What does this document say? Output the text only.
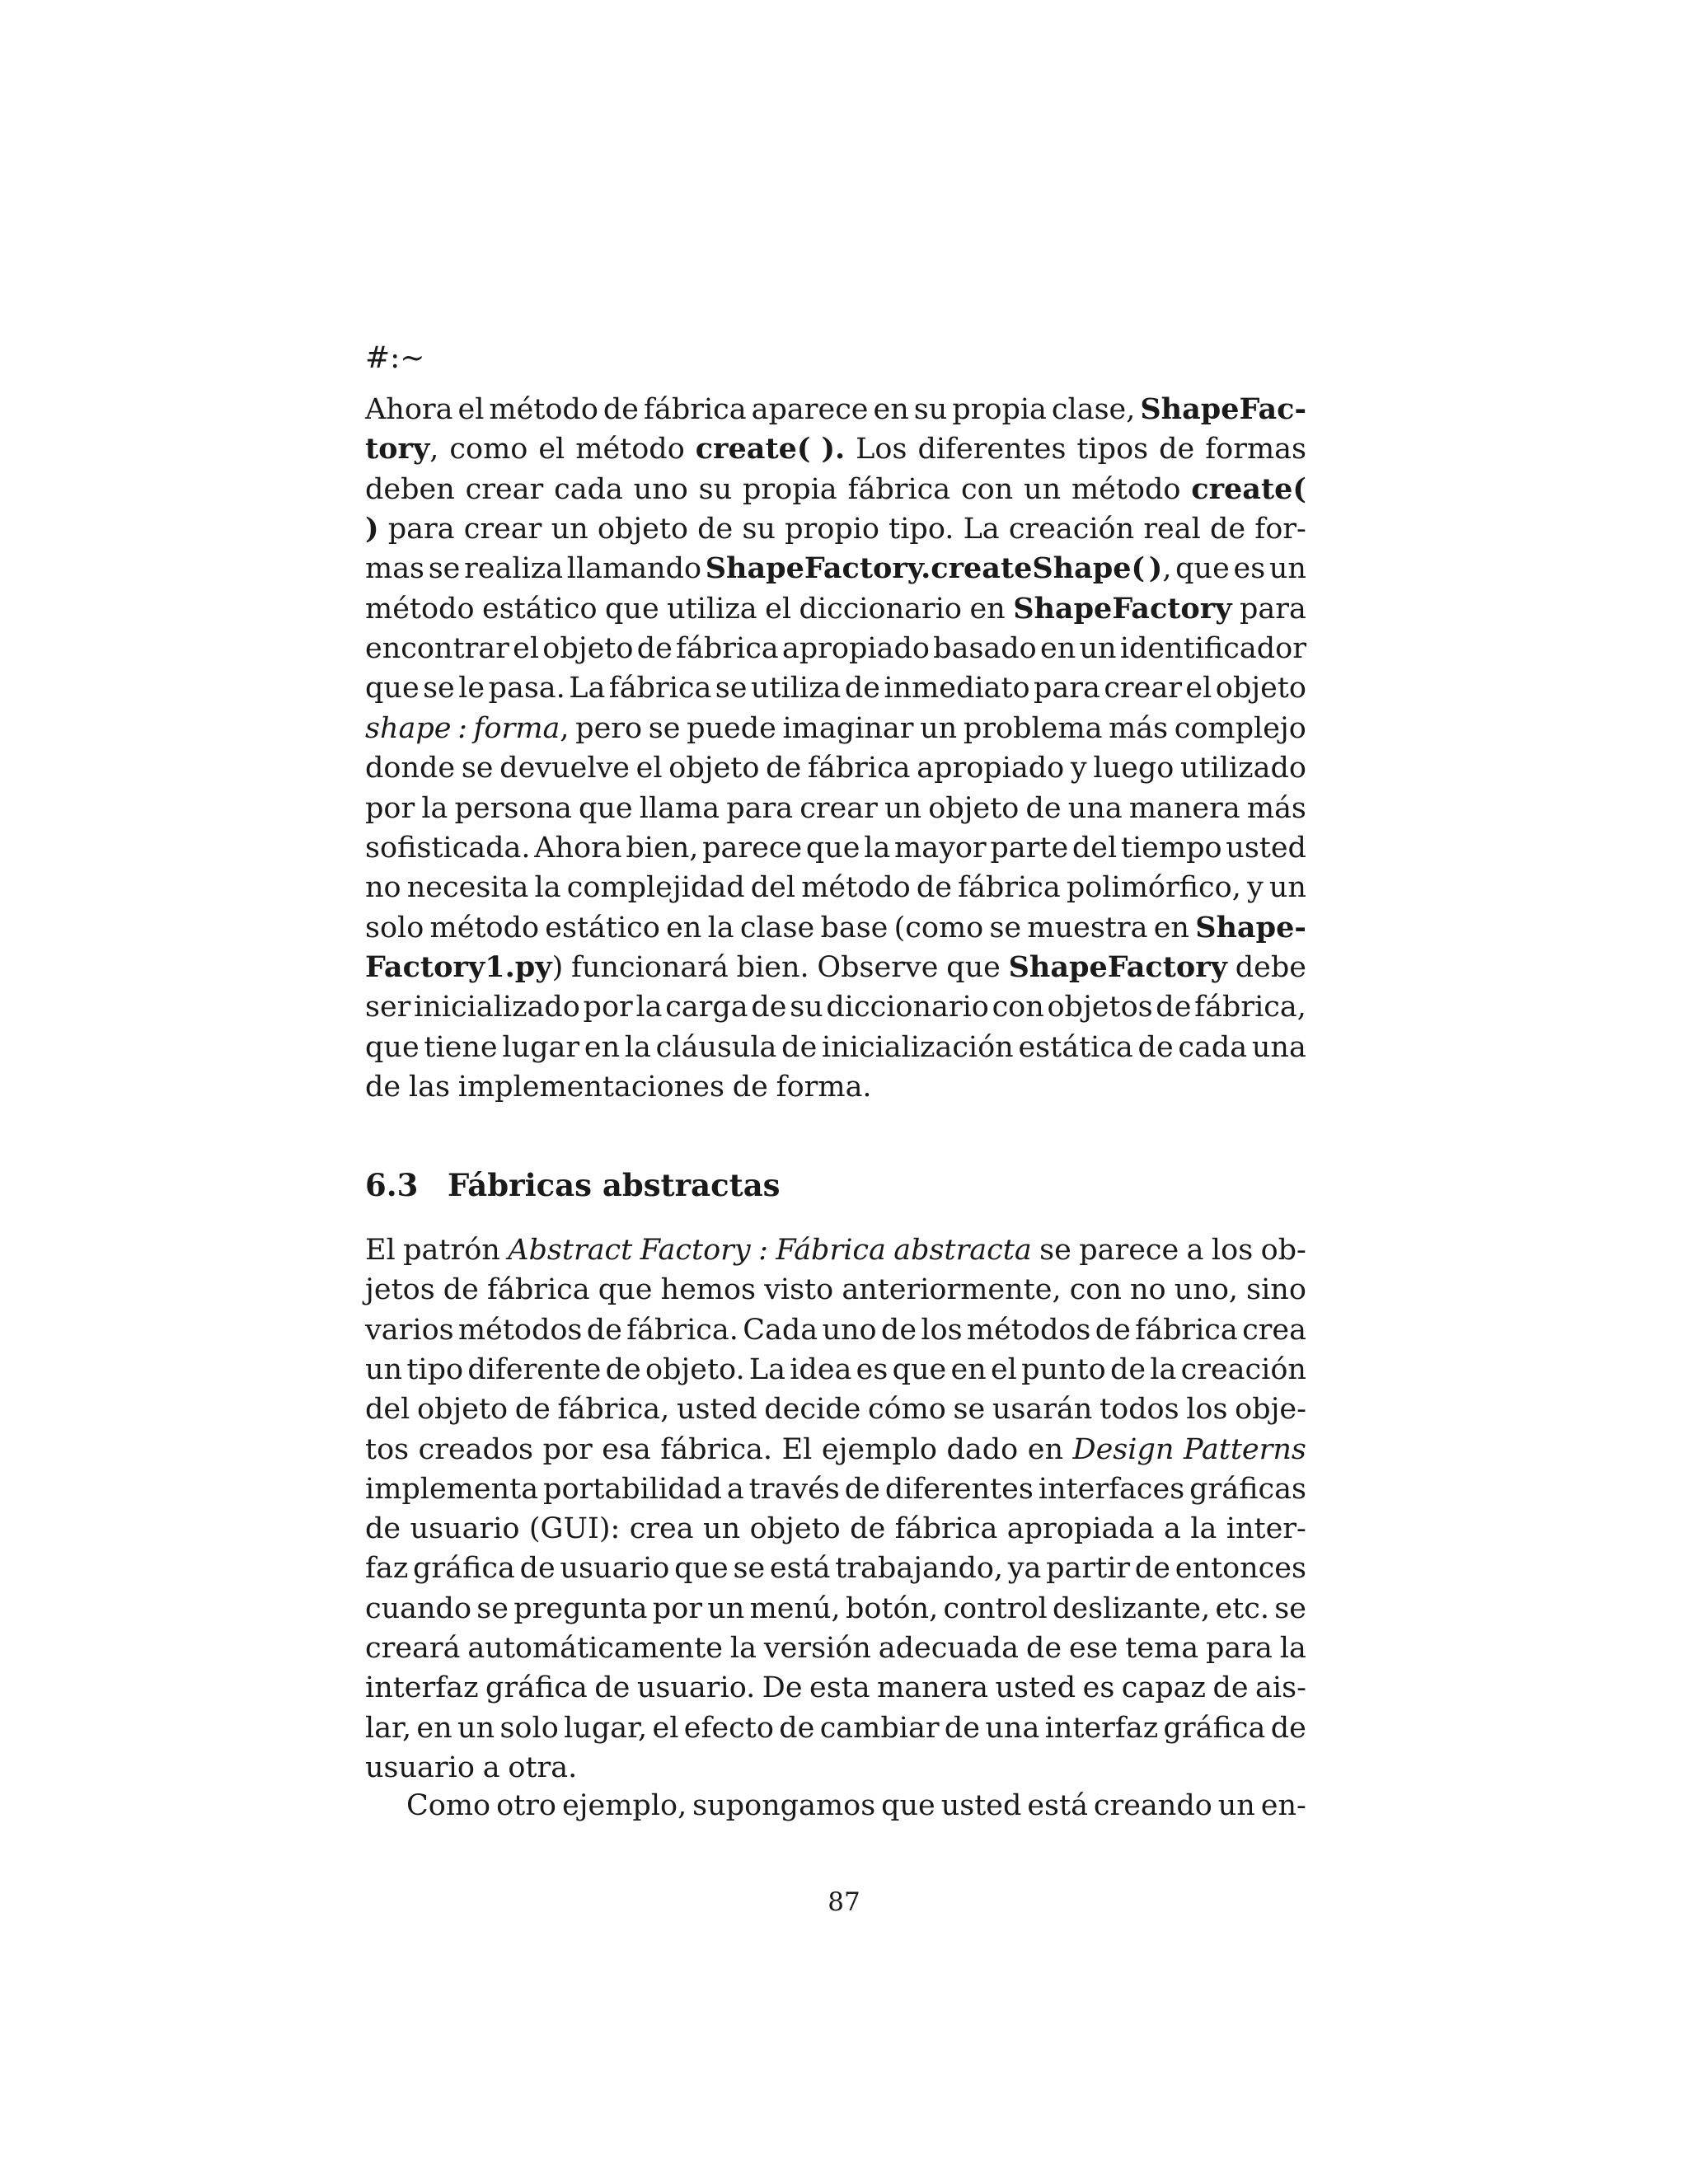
#:~
Ahora el método de fábrica aparece en su propia clase, ShapeFac-
tory, como el método create( ). Los diferentes tipos de formas
deben crear cada uno su propia fábrica con un método create(
) para crear un objeto de su propio tipo. La creación real de for-
mas se realiza llamando ShapeFactory.createShape( ), que es un
método estático que utiliza el diccionario en ShapeFactory para
encontrar el objeto de fábrica apropiado basado en un identificador
que se le pasa. La fábrica se utiliza de inmediato para crear el objeto
shape : forma, pero se puede imaginar un problema más complejo
donde se devuelve el objeto de fábrica apropiado y luego utilizado
por la persona que llama para crear un objeto de una manera más
sofisticada. Ahora bien, parece que la mayor parte del tiempo usted
no necesita la complejidad del método de fábrica polimórfico, y un
solo método estático en la clase base (como se muestra en Shape-
Factory1.py) funcionará bien. Observe que ShapeFactory debe
ser inicializado por la carga de su diccionario con objetos de fábrica,
que tiene lugar en la cláusula de inicialización estática de cada una
de las implementaciones de forma.
6.3 Fábricas abstractas
El patrón Abstract Factory : Fábrica abstracta se parece a los ob-
jetos de fábrica que hemos visto anteriormente, con no uno, sino
varios métodos de fábrica. Cada uno de los métodos de fábrica crea
un tipo diferente de objeto. La idea es que en el punto de la creación
del objeto de fábrica, usted decide cómo se usarán todos los obje-
tos creados por esa fábrica. El ejemplo dado en Design Patterns
implementa portabilidad a través de diferentes interfaces gráficas
de usuario (GUI): crea un objeto de fábrica apropiada a la inter-
faz gráfica de usuario que se está trabajando, ya partir de entonces
cuando se pregunta por un menú, botón, control deslizante, etc. se
creará automáticamente la versión adecuada de ese tema para la
interfaz gráfica de usuario. De esta manera usted es capaz de ais-
lar, en un solo lugar, el efecto de cambiar de una interfaz gráfica de
usuario a otra.
Como otro ejemplo, supongamos que usted está creando un en-
87
